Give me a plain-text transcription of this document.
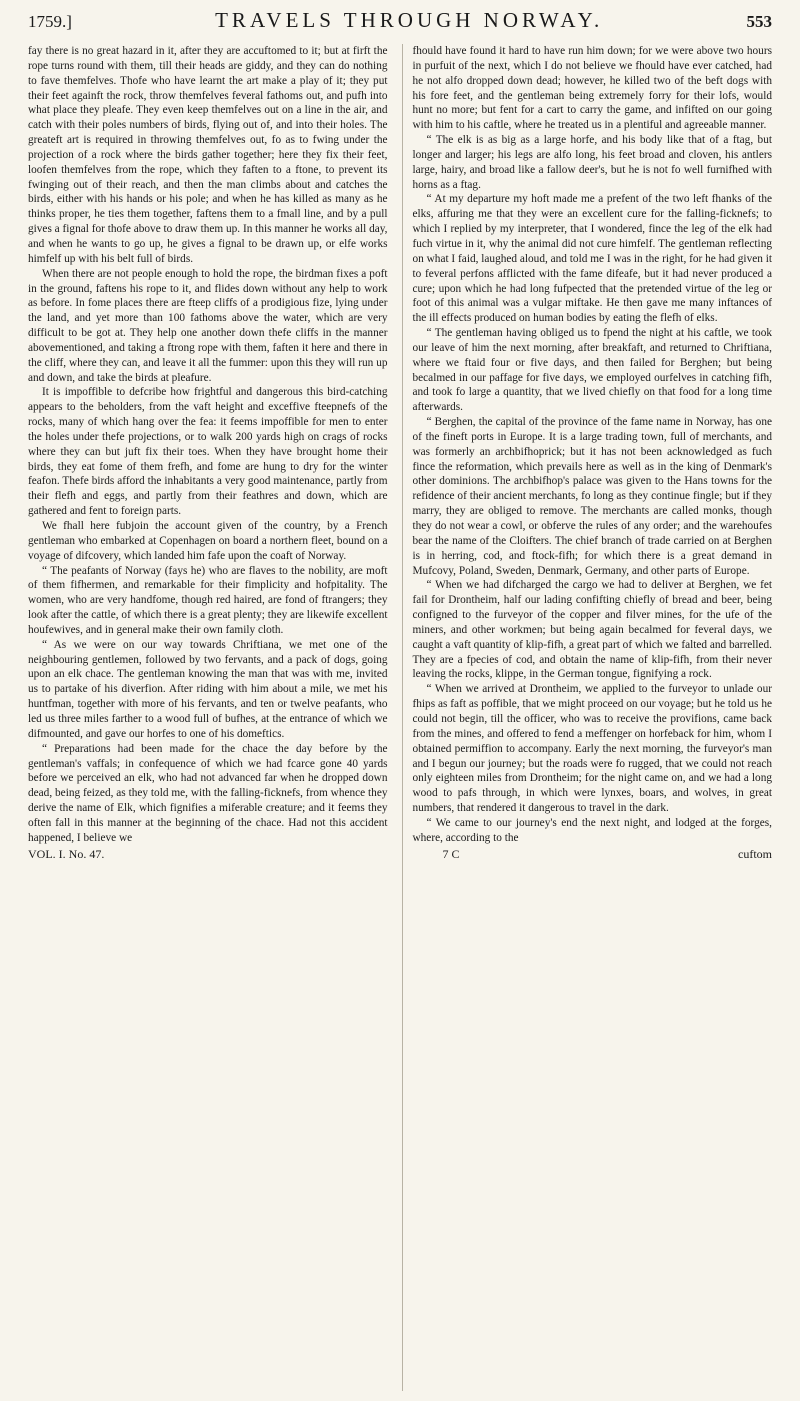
1759.]	TRAVELS THROUGH NORWAY.	553

fay there is no great hazard in it, after they are accuftomed to it; but at firft the rope turns round with them, till their heads are giddy, and they can do nothing to fave themfelves. Thofe who have learnt the art make a play of it; they put their feet againft the rock, throw themfelves feveral fathoms out, and pufh into what place they pleafe. They even keep themfelves out on a line in the air, and catch with their poles numbers of birds, flying out of, and into their holes. The greateft art is required in throwing themfelves out, fo as to fwing under the projection of a rock where the birds gather together; here they fix their feet, loofen themfelves from the rope, which they faften to a ftone, to prevent its fwinging out of their reach, and then the man climbs about and catches the birds, either with his hands or his pole; and when he has killed as many as he thinks proper, he ties them together, faftens them to a fmall line, and by a pull gives a fignal for thofe above to draw them up. In this manner he works all day, and when he wants to go up, he gives a fignal to be drawn up, or elfe works himfelf up with his belt full of birds.

When there are not people enough to hold the rope, the birdman fixes a poft in the ground, faftens his rope to it, and flides down without any help to work as before. In fome places there are fteep cliffs of a prodigious fize, lying under the land, and yet more than 100 fathoms above the water, which are very difficult to be got at. They help one another down thefe cliffs in the manner abovementioned, and taking a ftrong rope with them, faften it here and there in the cliff, where they can, and leave it all the fummer: upon this they will run up and down, and take the birds at pleafure.

It is impoffible to defcribe how frightful and dangerous this bird-catching appears to the beholders, from the vaft height and exceffive fteepnefs of the rocks, many of which hang over the fea: it feems impoffible for men to enter the holes under thefe projections, or to walk 200 yards high on crags of rocks where they can but juft fix their toes. When they have brought home their birds, they eat fome of them frefh, and fome are hung to dry for the winter feafon. Thefe birds afford the inhabitants a very good maintenance, partly from their flefh and eggs, and partly from their feathres and down, which are gathered and fent to foreign parts.

We fhall here fubjoin the account given of the country, by a French gentleman who embarked at Copenhagen on board a northern fleet, bound on a voyage of difcovery, which landed him fafe upon the coaft of Norway.

“ The peafants of Norway (fays he) who are flaves to the nobility, are moft of them fifhermen, and remarkable for their fimplicity and hofpitality. The women, who are very handfome, though red haired, are fond of ftrangers; they look after the cattle, of which there is a great plenty; they are likewife excellent houfewives, and in general make their own family cloth.

“ As we were on our way towards Chriftiana, we met one of the neighbouring gentlemen, followed by two fervants, and a pack of dogs, going upon an elk chace. The gentleman knowing the man that was with me, invited us to partake of his diverfion. After riding with him about a mile, we met his huntfman, together with more of his fervants, and ten or twelve peafants, who led us three miles farther to a wood full of bufhes, at the entrance of which we difmounted, and gave our horfes to one of his domeftics.

“ Preparations had been made for the chace the day before by the gentleman's vaffals; in confequence of which we had fcarce gone 40 yards before we perceived an elk, who had not advanced far when he dropped down dead, being feized, as they told me, with the falling-ficknefs, from whence they derive the name of Elk, which fignifies a miferable creature; and it feems they often fall in this manner at the beginning of the chace. Had not this accident happened, I believe we

VOL. I. No. 47.

fhould have found it hard to have run him down; for we were above two hours in purfuit of the next, which I do not believe we fhould have ever catched, had he not alfo dropped down dead; however, he killed two of the beft dogs with his fore feet, and the gentleman being extremely forry for their lofs, would hunt no more; but fent for a cart to carry the game, and infifted on our going with him to his caftle, where he treated us in a plentiful and agreeable manner.

“ The elk is as big as a large horfe, and his body like that of a ftag, but longer and larger; his legs are alfo long, his feet broad and cloven, his antlers large, hairy, and broad like a fallow deer's, but he is not fo well furnifhed with horns as a ftag.

“ At my departure my hoft made me a prefent of the two left fhanks of the elks, affuring me that they were an excellent cure for the falling-ficknefs; to which I replied by my interpreter, that I wondered, fince the leg of the elk had fuch virtue in it, why the animal did not cure himfelf. The gentleman reflecting on what I faid, laughed aloud, and told me I was in the right, for he had given it to feveral perfons afflicted with the fame difeafe, but it had never produced a cure; upon which he had long fufpected that the pretended virtue of the leg or foot of this animal was a vulgar miftake. He then gave me many inftances of the ill effects produced on human bodies by eating the flefh of elks.

“ The gentleman having obliged us to fpend the night at his caftle, we took our leave of him the next morning, after breakfaft, and returned to Chriftiana, where we ftaid four or five days, and then failed for Berghen; but being becalmed in our paffage for five days, we employed ourfelves in catching fifh, and took fo large a quantity, that we lived chiefly on that food for a long time afterwards.

“ Berghen, the capital of the province of the fame name in Norway, has one of the fineft ports in Europe. It is a large trading town, full of merchants, and was formerly an archbifhoprick; but it has not been acknowledged as fuch fince the reformation, which prevails here as well as in the king of Denmark's other dominions. The archbifhop's palace was given to the Hans towns for the refidence of their ancient merchants, fo long as they continue fingle; but if they marry, they are obliged to remove. The merchants are called monks, though they do not wear a cowl, or obferve the rules of any order; and the warehoufes bear the name of the Cloifters. The chief branch of trade carried on at Berghen is in herring, cod, and ftock-fifh; for which there is a great demand in Mufcovy, Poland, Sweden, Denmark, Germany, and other parts of Europe.

“ When we had difcharged the cargo we had to deliver at Berghen, we fet fail for Drontheim, half our lading confifting chiefly of bread and beer, being configned to the furveyor of the copper and filver mines, for the ufe of the miners, and other workmen; but being again becalmed for feveral days, we caught a vaft quantity of klip-fifh, a great part of which we falted and barrelled. They are a fpecies of cod, and obtain the name of klip-fifh, from their never leaving the rocks, klippe, in the German tongue, fignifying a rock.

“ When we arrived at Drontheim, we applied to the furveyor to unlade our fhips as faft as poffible, that we might proceed on our voyage; but he told us he could not begin, till the officer, who was to receive the provifions, came back from the mines, and offered to fend a meffenger on horfeback for him, whom I obtained permiffion to accompany. Early the next morning, the furveyor's man and I begun our journey; but the roads were fo rugged, that we could not reach only eighteen miles from Drontheim; for the night came on, and we had a long wood to pafs through, in which were lynxes, boars, and wolves, in great numbers, that rendered it dangerous to travel in the dark.

“ We came to our journey's end the next night, and lodged at the forges, where, according to the

7 C	cuftom
